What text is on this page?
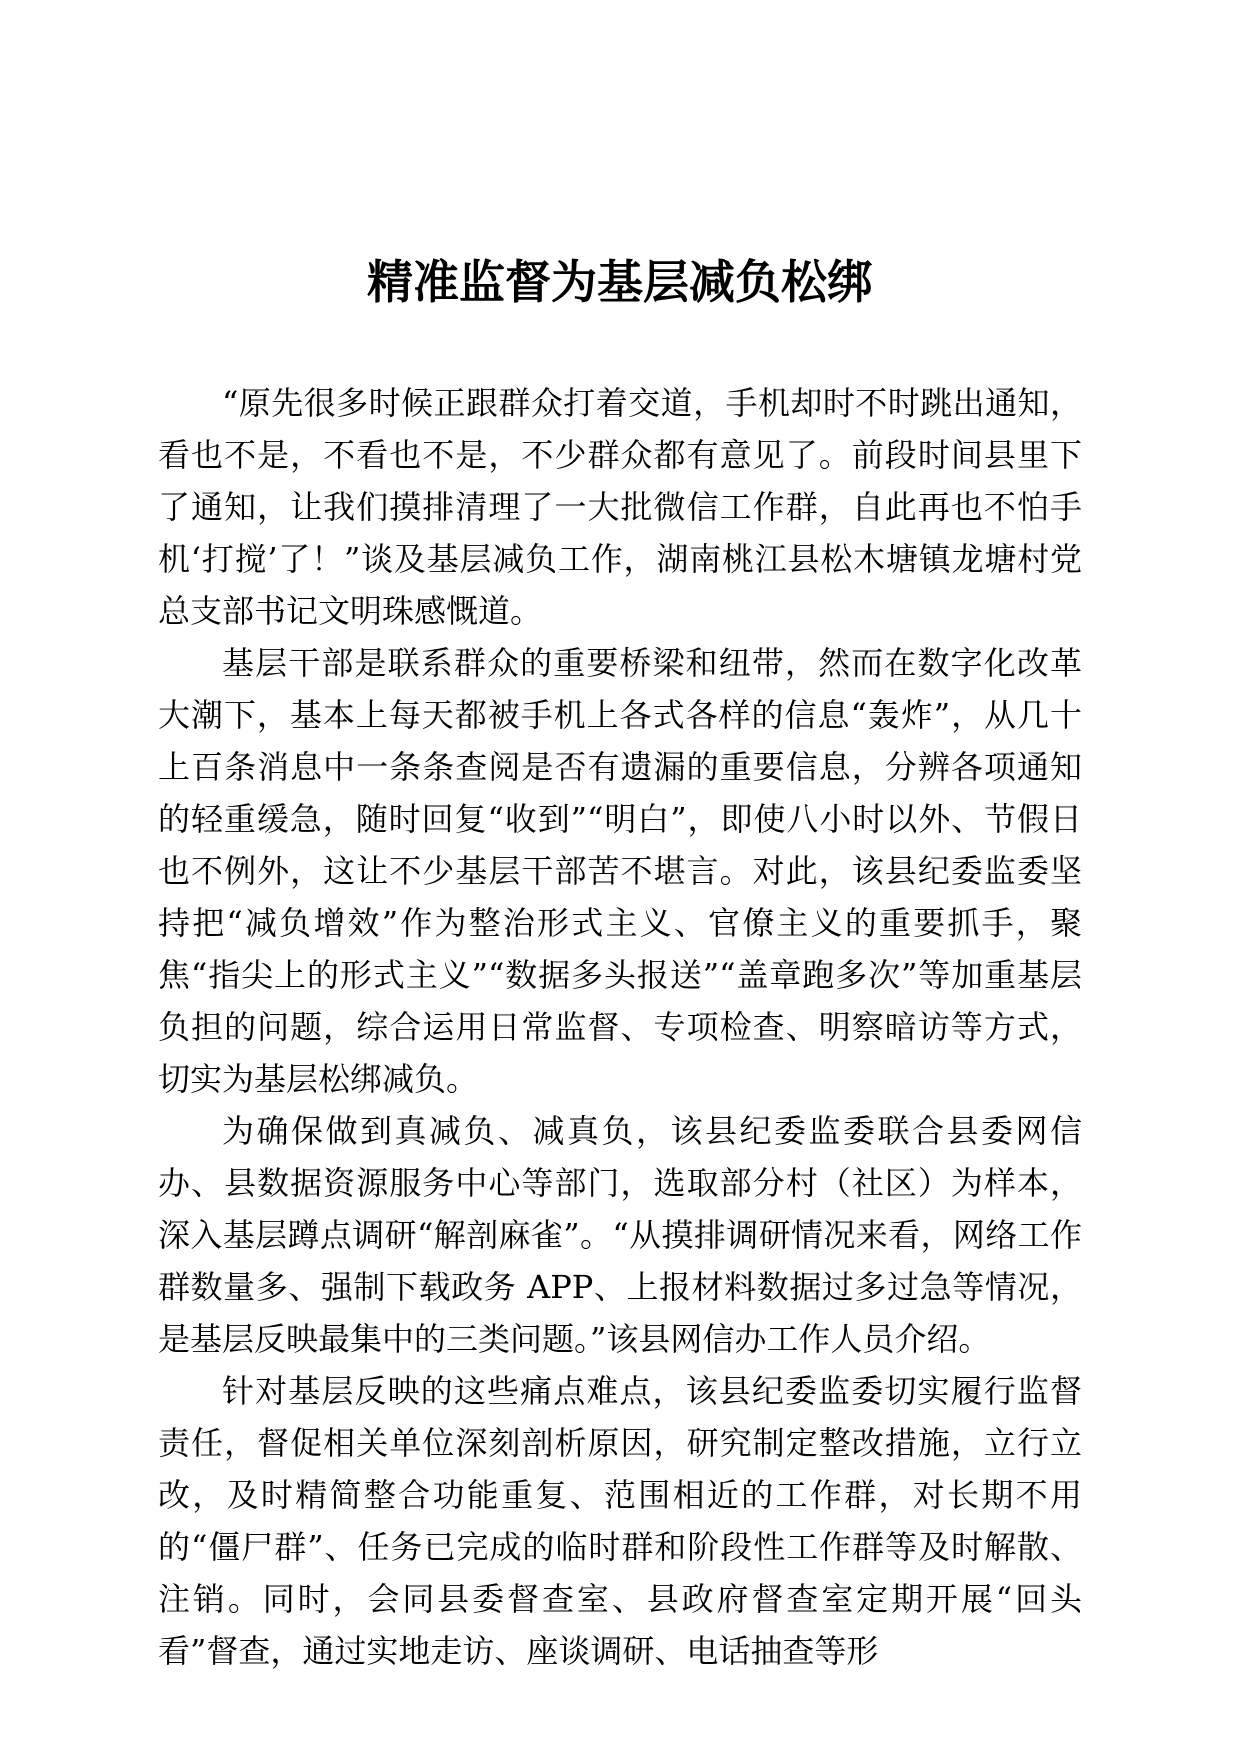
精准监督为基层减负松绑

“原先很多时候正跟群众打着交道，手机却时不时跳出通知，看也不是，不看也不是，不少群众都有意见了。前段时间县里下了通知，让我们摸排清理了一大批微信工作群，自此再也不怕手机‘打搅’了！”谈及基层减负工作，湖南桃江县松木塘镇龙塘村党总支部书记文明珠感慨道。

基层干部是联系群众的重要桥梁和纽带，然而在数字化改革大潮下，基本上每天都被手机上各式各样的信息“轰炸”，从几十上百条消息中一条条查阅是否有遗漏的重要信息，分辨各项通知的轻重缓急，随时回复“收到”“明白”，即使八小时以外、节假日也不例外，这让不少基层干部苦不堪言。对此，该县纪委监委坚持把“减负增效”作为整治形式主义、官僚主义的重要抓手，聚焦“指尖上的形式主义”“数据多头报送”“盖章跑多次”等加重基层负担的问题，综合运用日常监督、专项检查、明察暗访等方式，切实为基层松绑减负。

为确保做到真减负、减真负，该县纪委监委联合县委网信办、县数据资源服务中心等部门，选取部分村（社区）为样本，深入基层蹲点调研“解剖麻雀”。“从摸排调研情况来看，网络工作群数量多、强制下载政务 APP、上报材料数据过多过急等情况，是基层反映最集中的三类问题。”该县网信办工作人员介绍。

针对基层反映的这些痛点难点，该县纪委监委切实履行监督责任，督促相关单位深刻剖析原因，研究制定整改措施，立行立改，及时精简整合功能重复、范围相近的工作群，对长期不用的“僵尸群”、任务已完成的临时群和阶段性工作群等及时解散、注销。同时，会同县委督查室、县政府督查室定期开展“回头看”督查，通过实地走访、座谈调研、电话抽查等形
